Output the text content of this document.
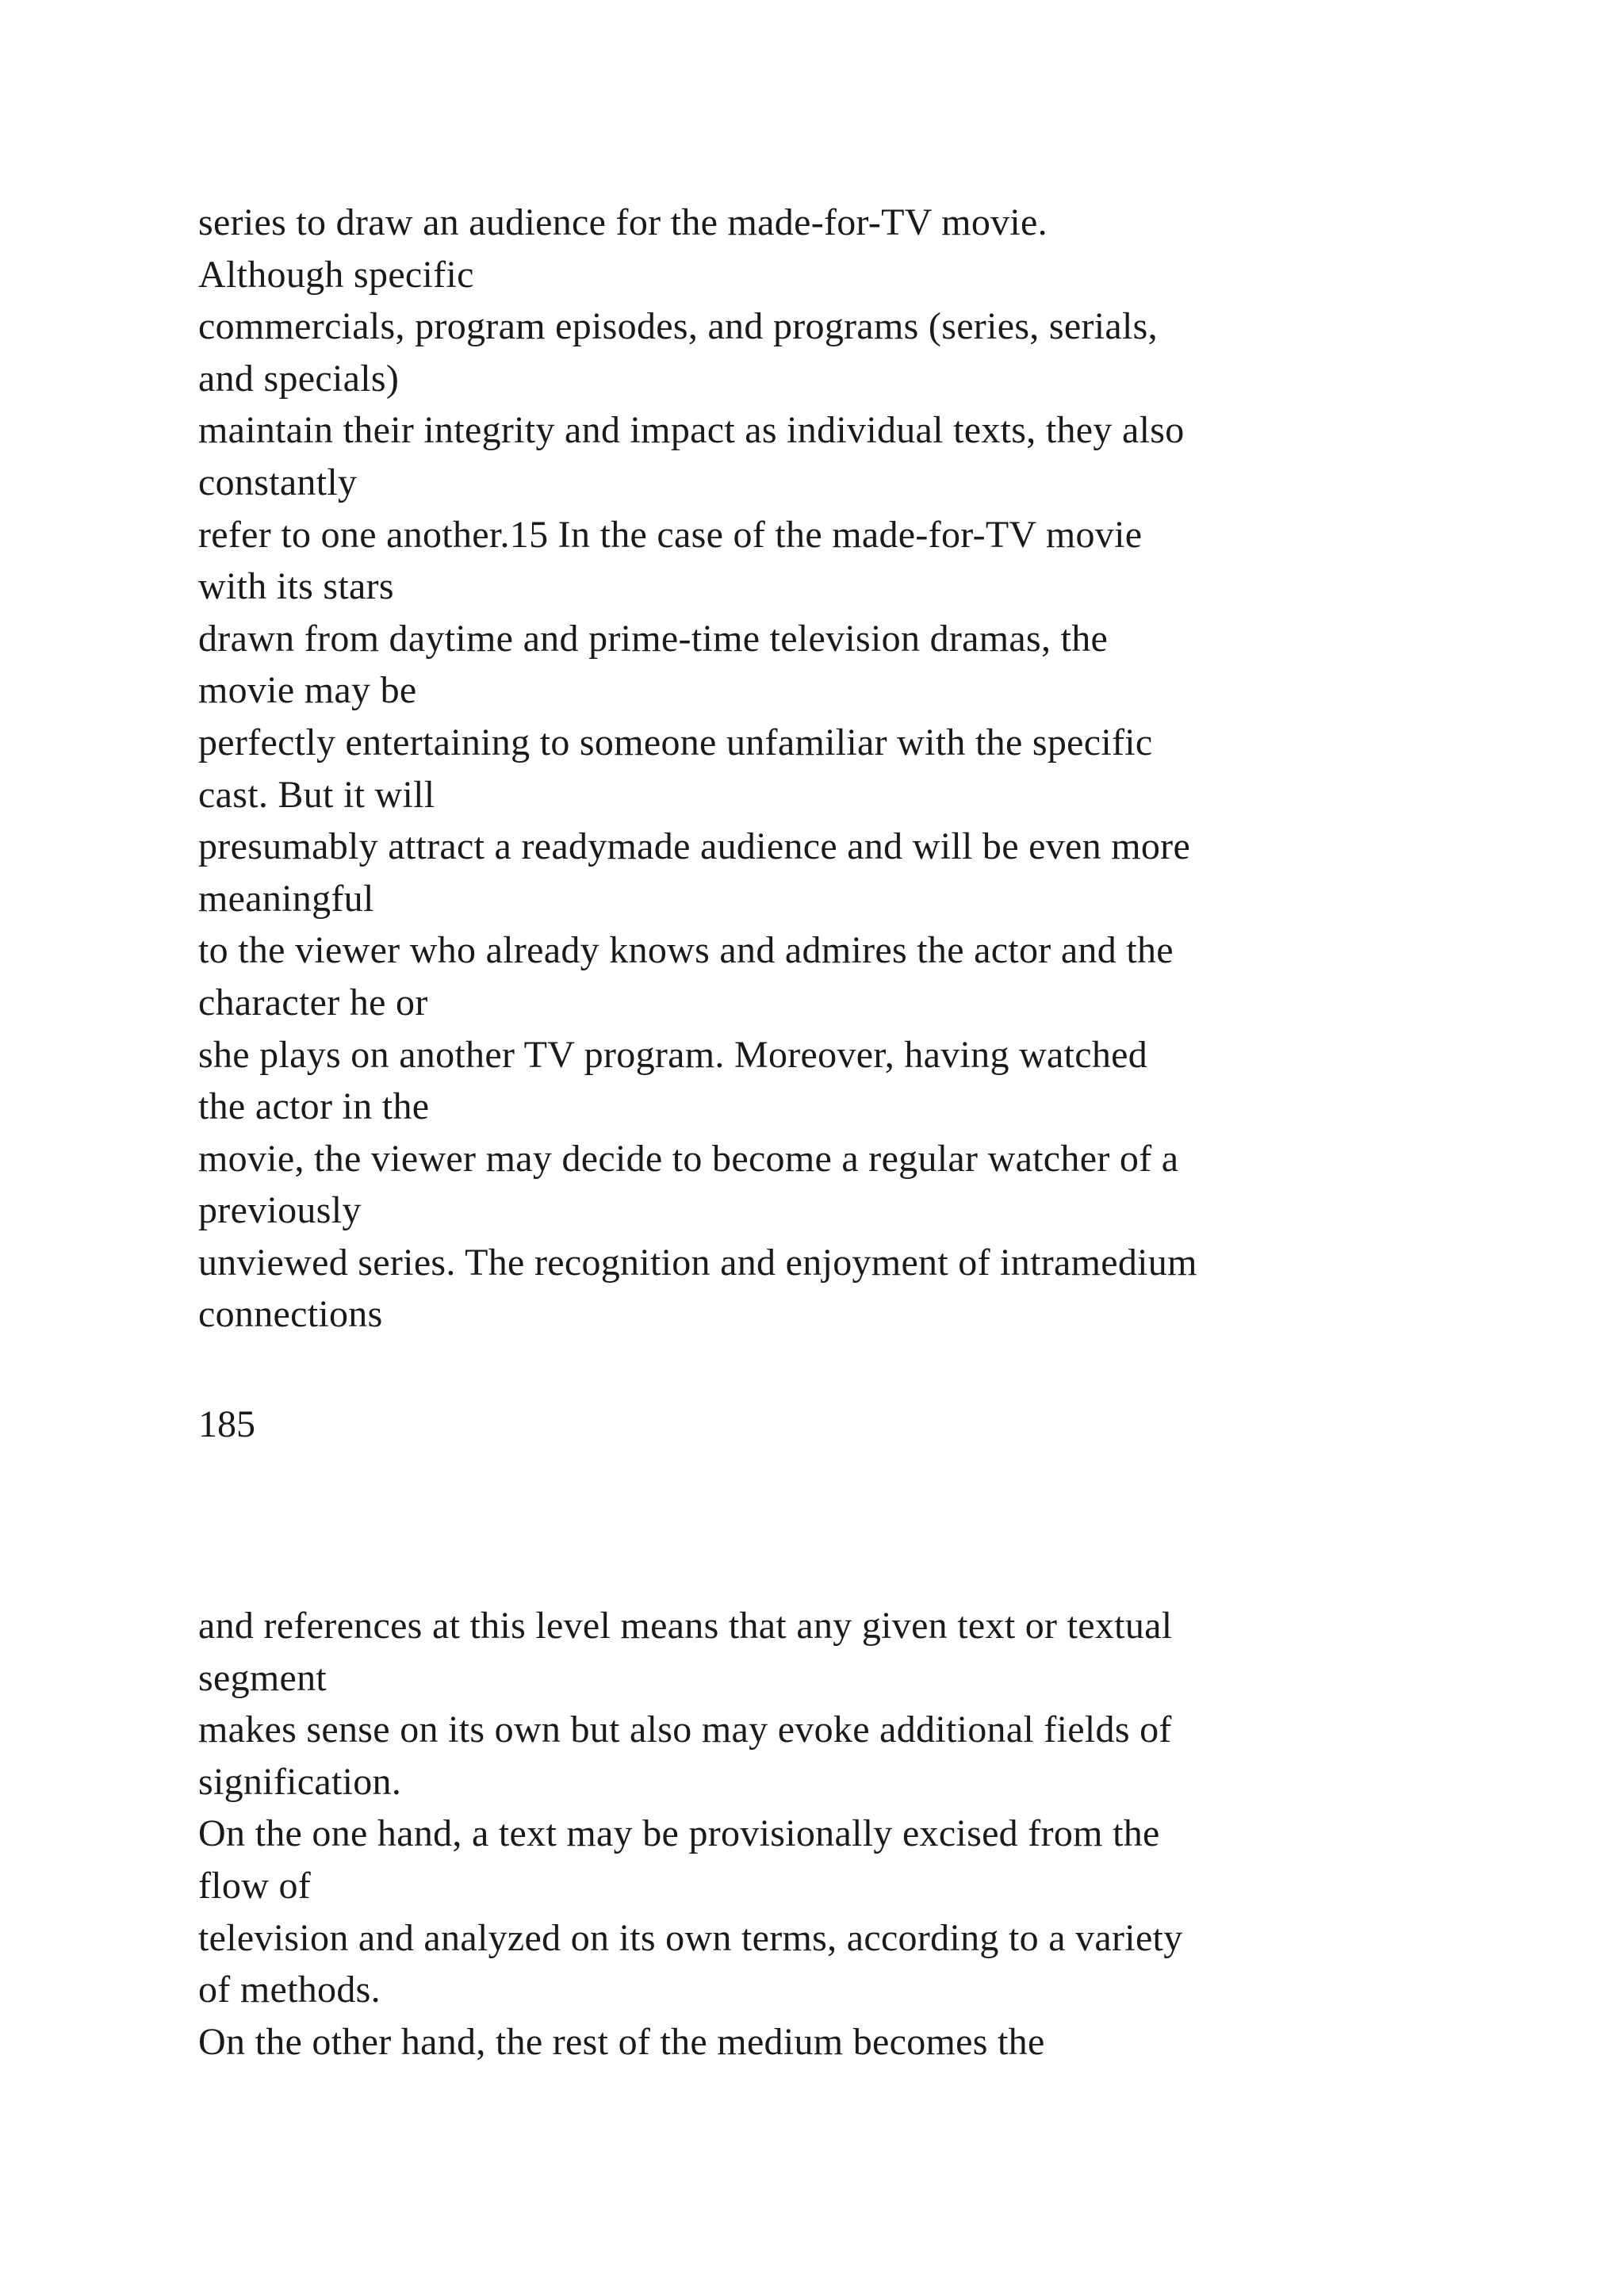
series to draw an audience for the made-for-TV movie.
Although specific
commercials, program episodes, and programs (series, serials,
and specials)
maintain their integrity and impact as individual texts, they also
constantly
refer to one another.15 In the case of the made-for-TV movie
with its stars
drawn from daytime and prime-time television dramas, the
movie may be
perfectly entertaining to someone unfamiliar with the specific
cast. But it will
presumably attract a readymade audience and will be even more
meaningful
to the viewer who already knows and admires the actor and the
character he or
she plays on another TV program. Moreover, having watched
the actor in the
movie, the viewer may decide to become a regular watcher of a
previously
unviewed series. The recognition and enjoyment of intramedium
connections
185
and references at this level means that any given text or textual
segment
makes sense on its own but also may evoke additional fields of
signification.
On the one hand, a text may be provisionally excised from the
flow of
television and analyzed on its own terms, according to a variety
of methods.
On the other hand, the rest of the medium becomes the
